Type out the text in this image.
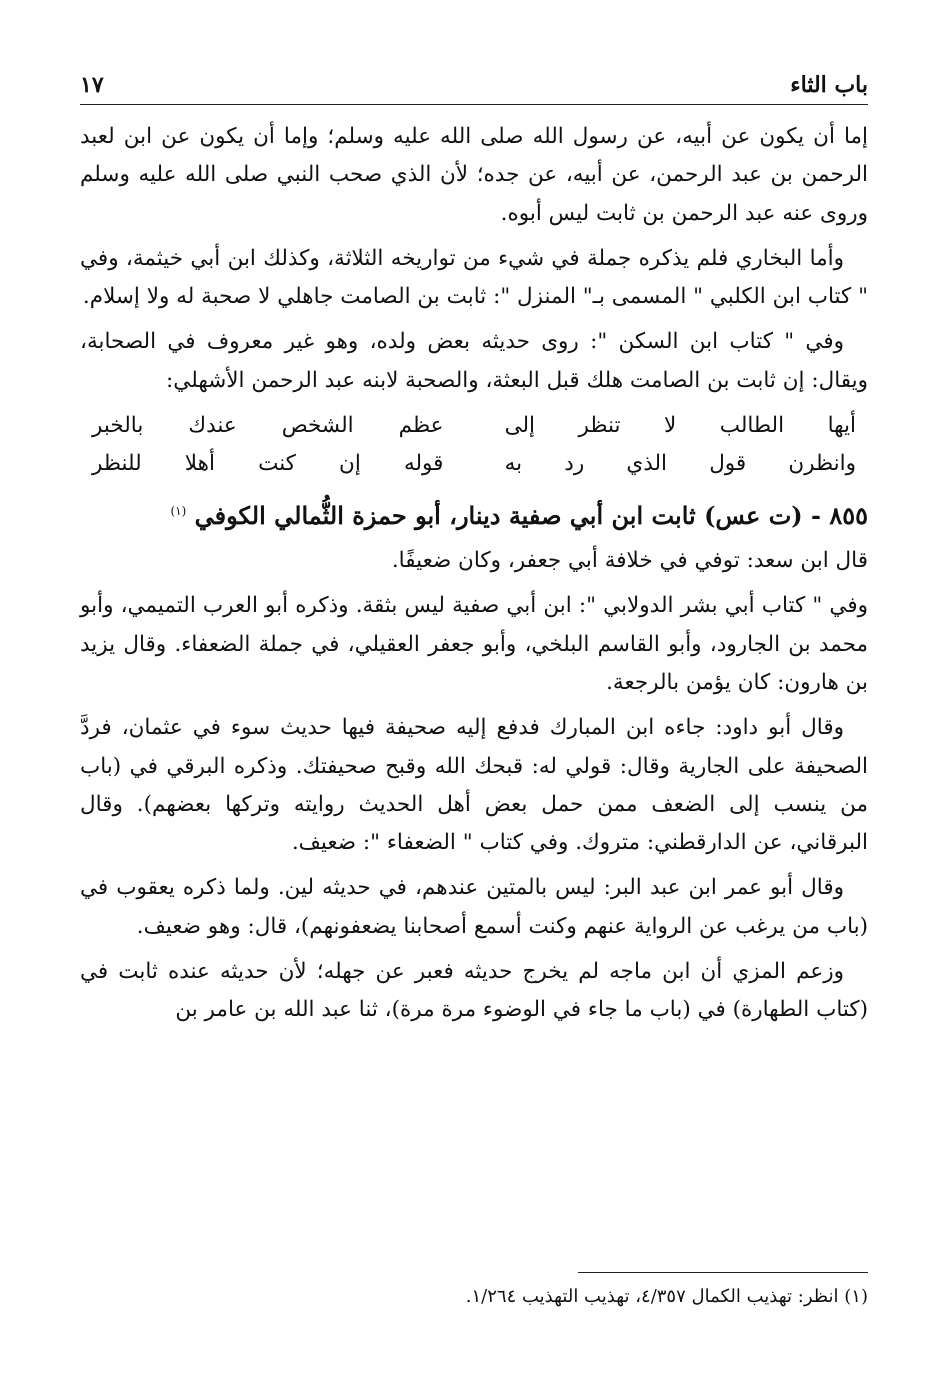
باب الثاء
١٧

إما أن يكون عن أبيه، عن رسول الله صلى الله عليه وسلم؛ وإما أن يكون عن ابن لعبد الرحمن بن عبد الرحمن، عن أبيه، عن جده؛ لأن الذي صحب النبي صلى الله عليه وسلم وروى عنه عبد الرحمن بن ثابت ليس أبوه.

وأما البخاري فلم يذكره جملة في شيء من تواريخه الثلاثة، وكذلك ابن أبي خيثمة، وفي " كتاب ابن الكلبي " المسمى بـ" المنزل ": ثابت بن الصامت جاهلي لا صحبة له ولا إسلام.

وفي " كتاب ابن السكن ": روى حديثه بعض ولده، وهو غير معروف في الصحابة، ويقال: إن ثابت بن الصامت هلك قبل البعثة، والصحبة لابنه عبد الرحمن الأشهلي:

أيها الطالب لا تنظر إلى
عظم الشخص عندك بالخبر
وانظرن قول الذي رد به
قوله إن كنت أهلا للنظر
٨٥٥ - (ت عس) ثابت ابن أبي صفية دينار، أبو حمزة الثُّمالي الكوفي $^{(١)}$

قال ابن سعد: توفي في خلافة أبي جعفر، وكان ضعيفًا.

وفي " كتاب أبي بشر الدولابي ": ابن أبي صفية ليس بثقة. وذكره أبو العرب التميمي، وأبو محمد بن الجارود، وأبو القاسم البلخي، وأبو جعفر العقيلي، في جملة الضعفاء. وقال يزيد بن هارون: كان يؤمن بالرجعة.

وقال أبو داود: جاءه ابن المبارك فدفع إليه صحيفة فيها حديث سوء في عثمان، فردَّ الصحيفة على الجارية وقال: قولي له: قبحك الله وقبح صحيفتك. وذكره البرقي في (باب من ينسب إلى الضعف ممن حمل بعض أهل الحديث روايته وتركها بعضهم). وقال البرقاني، عن الدارقطني: متروك. وفي كتاب " الضعفاء ": ضعيف.

وقال أبو عمر ابن عبد البر: ليس بالمتين عندهم، في حديثه لين. ولما ذكره يعقوب في (باب من يرغب عن الرواية عنهم وكنت أسمع أصحابنا يضعفونهم)، قال: وهو ضعيف.

وزعم المزي أن ابن ماجه لم يخرج حديثه فعبر عن جهله؛ لأن حديثه عنده ثابت في (كتاب الطهارة) في (باب ما جاء في الوضوء مرة مرة)، ثنا عبد الله بن عامر بن

(١) انظر: تهذيب الكمال ٤/٣٥٧، تهذيب التهذيب ١/٢٦٤.
